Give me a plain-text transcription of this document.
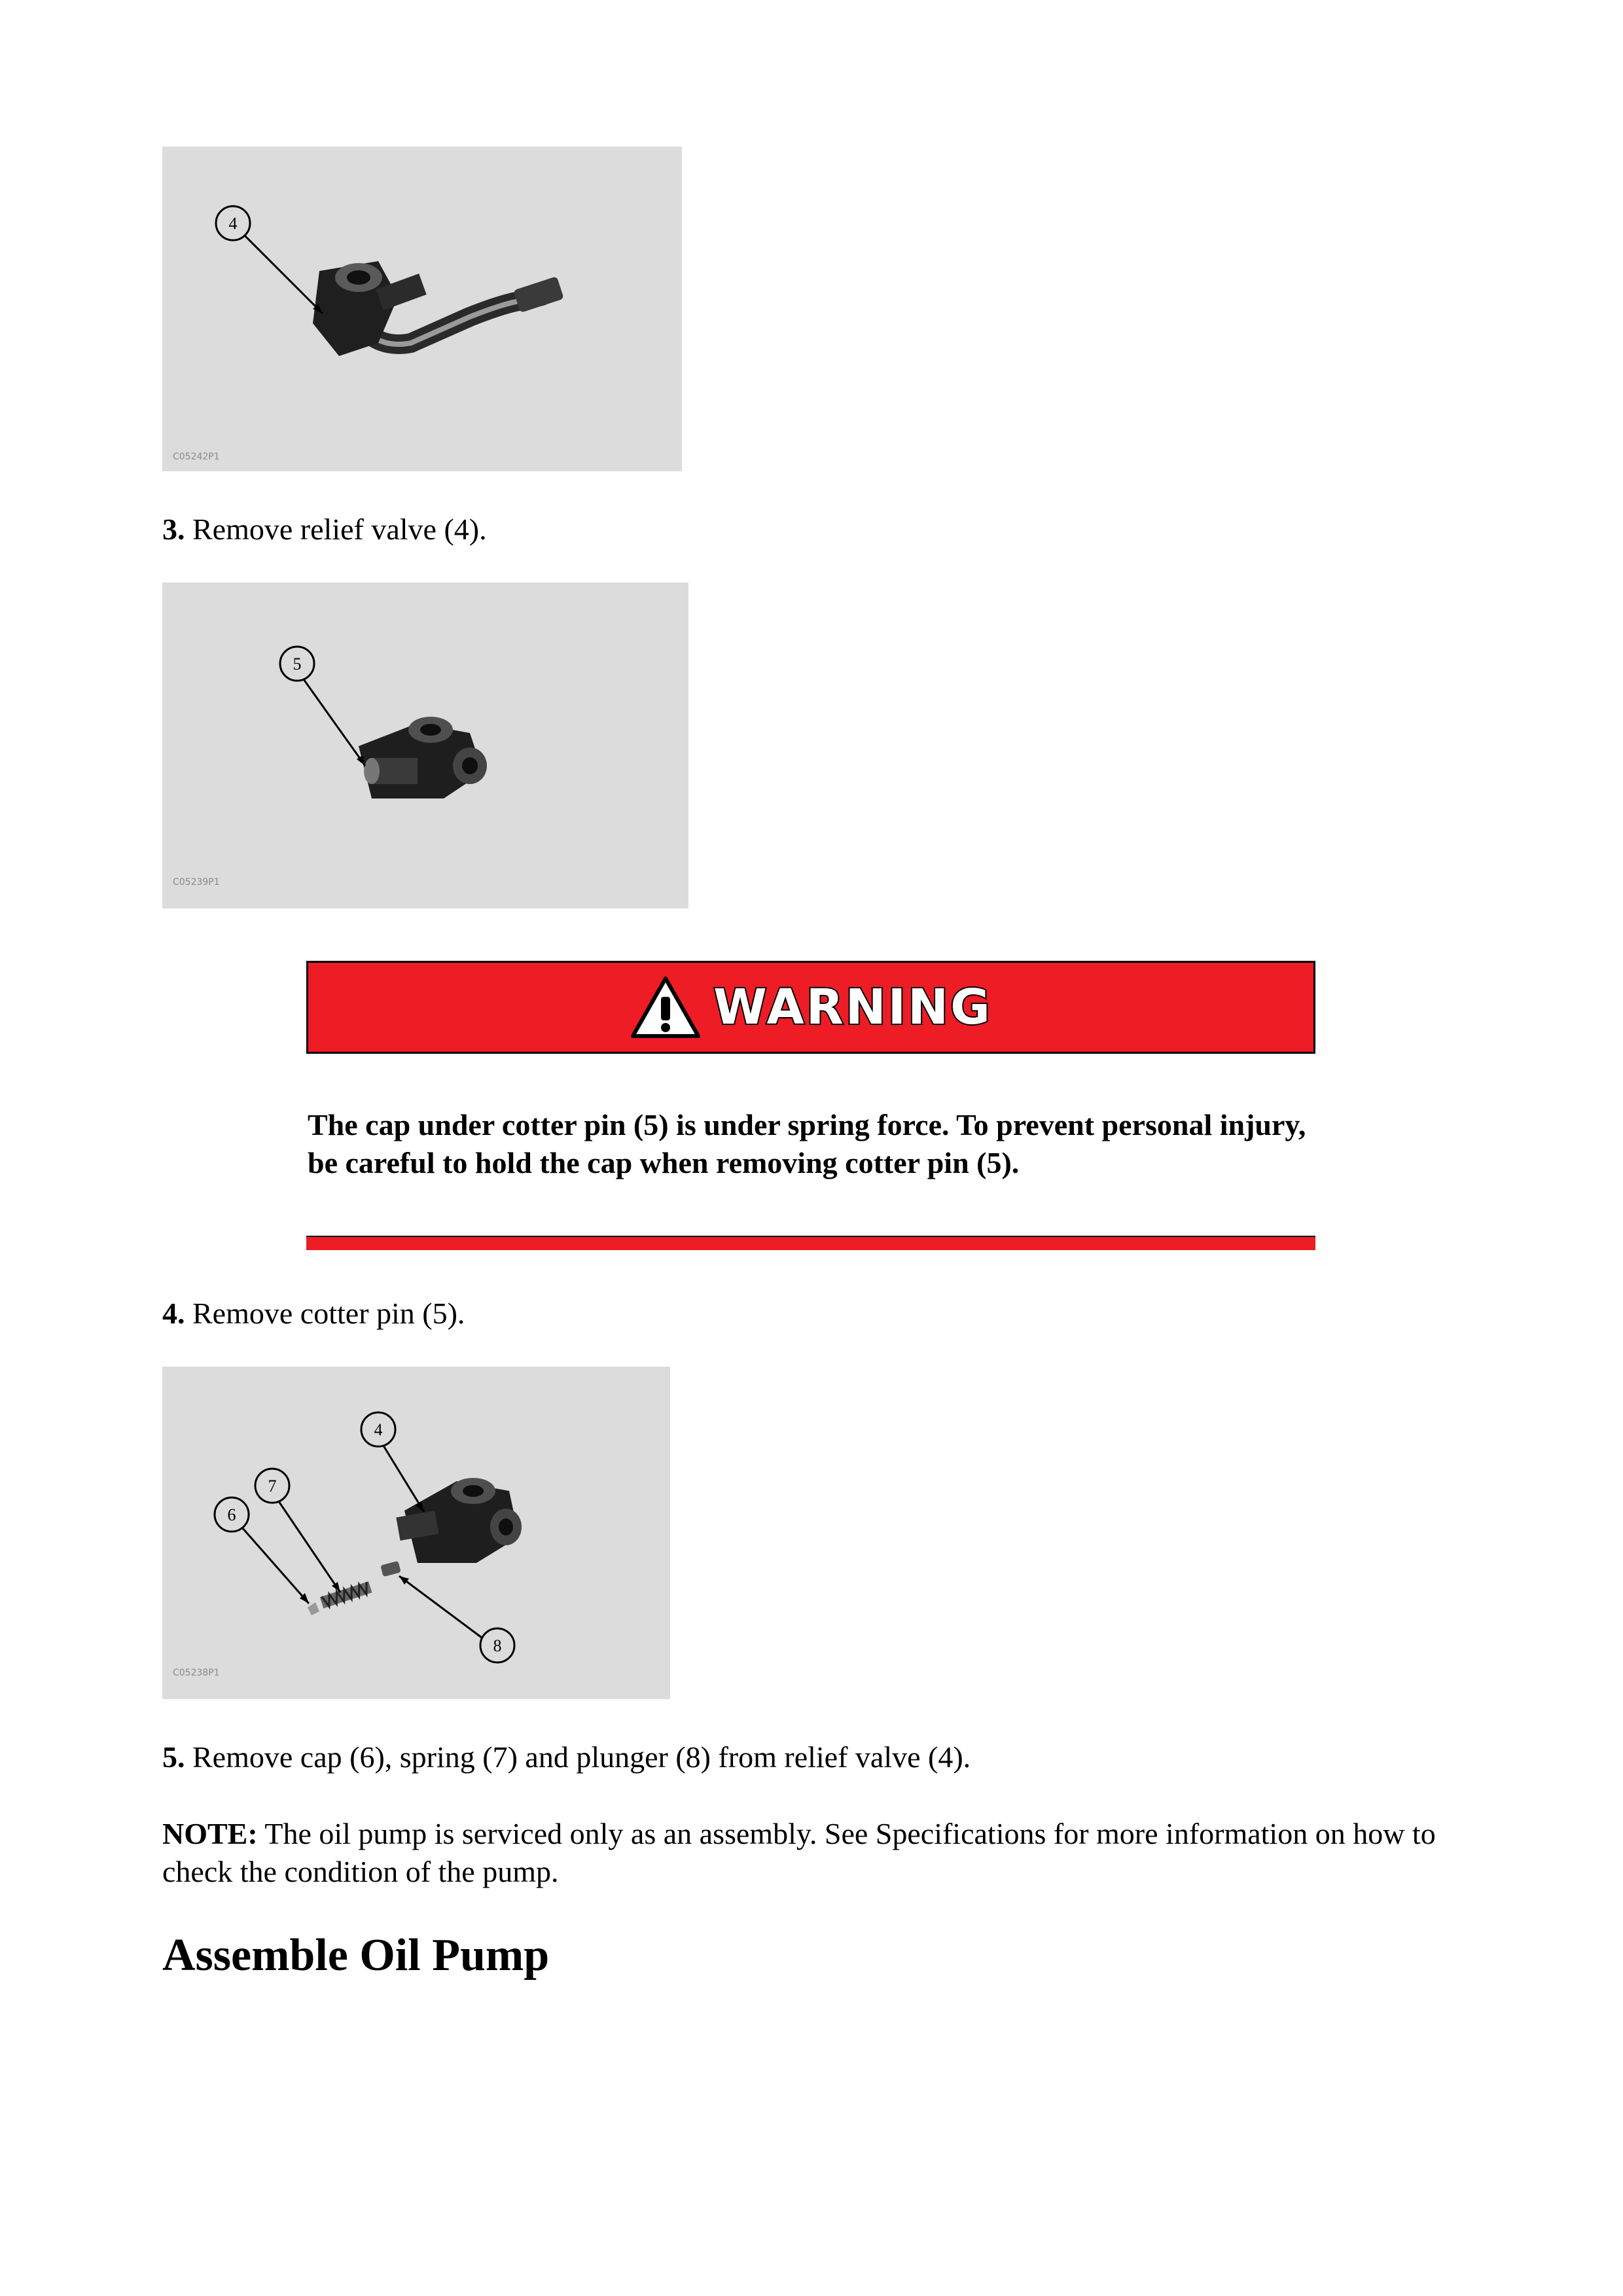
4
C05242P1

3. Remove relief valve (4).

5
C05239P1
WARNING

The cap under cotter pin (5) is under spring force. To prevent personal injury, be careful to hold the cap when removing cotter pin (5).

4. Remove cotter pin (5).

4
7
6
8
C05238P1

5. Remove cap (6), spring (7) and plunger (8) from relief valve (4).

NOTE: The oil pump is serviced only as an assembly. See Specifications for more information on how to check the condition of the pump.

Assemble Oil Pump
